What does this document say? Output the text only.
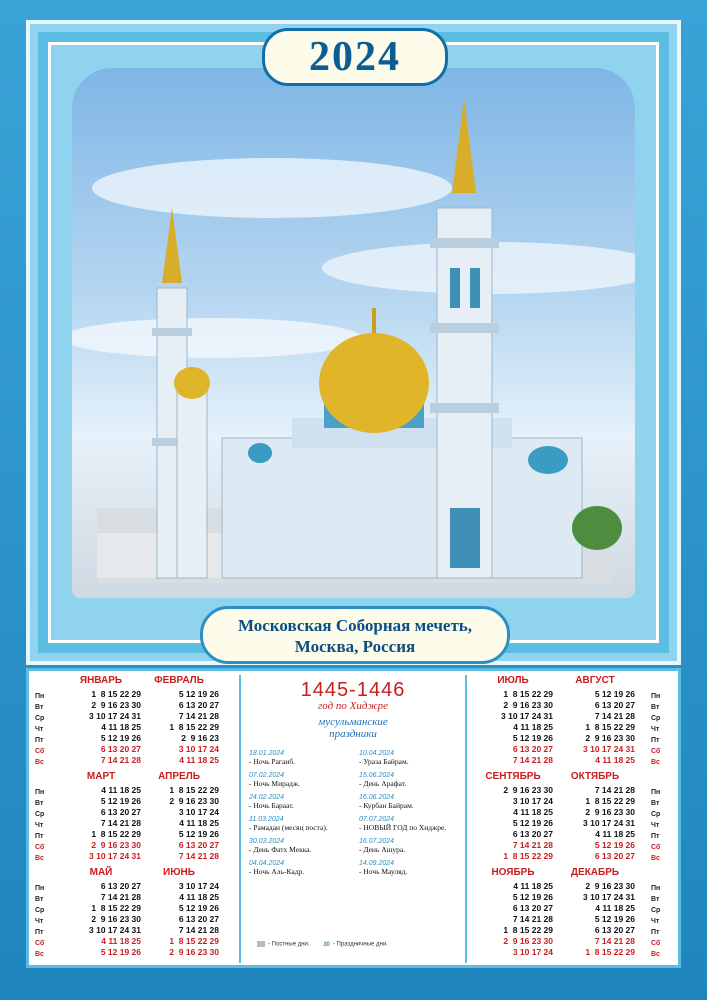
2024
Московская Соборная мечеть,
Москва, Россия
Пн
Вт
Ср
Чт
Пт
Сб
Вс
ЯНВАРЬ
1  8 15 22 29
2  9 16 23 30
3 10 17 24 31
4 11 18 25
5 12 19 26
6 13 20 27
7 14 21 28
ФЕВРАЛЬ
5 12 19 26
6 13 20 27
7 14 21 28
1  8 15 22 29
2  9 16 23
3 10 17 24
4 11 18 25
Пн
Вт
Ср
Чт
Пт
Сб
Вс
МАРТ
4 11 18 25
5 12 19 26
6 13 20 27
7 14 21 28
1  8 15 22 29
2  9 16 23 30
3 10 17 24 31
АПРЕЛЬ
1  8 15 22 29
2  9 16 23 30
3 10 17 24
4 11 18 25
5 12 19 26
6 13 20 27
7 14 21 28
Пн
Вт
Ср
Чт
Пт
Сб
Вс
МАЙ
6 13 20 27
7 14 21 28
1  8 15 22 29
2  9 16 23 30
3 10 17 24 31
4 11 18 25
5 12 19 26
ИЮНЬ
3 10 17 24
4 11 18 25
5 12 19 26
6 13 20 27
7 14 21 28
1  8 15 22 29
2  9 16 23 30
1445-1446
год по Хиджре
мусульманские
праздники
18.01.2024
- Ночь Рагаиб.
07.02.2024
- Ночь Мирадж.
24.02.2024
- Ночь Бараат.
11.03.2024
- Рамадан (месяц поста).
30.03.2024
- День Фатх Мекка.
04.04.2024
- Ночь Аль-Кадр.
10.04.2024
- Ураза Байрам.
15.06.2024
- День Арафат.
16.06.2024
- Курбан Байрам.
07.07.2024
- НОВЫЙ ГОД по Хиджре.
16.07.2024
- День Ашура.
14.09.2024
- Ночь Мауляд.
- Постные дни. 30 - Праздничные дни.
Пн
Вт
Ср
Чт
Пт
Сб
Вс
ИЮЛЬ
1  8 15 22 29
2  9 16 23 30
3 10 17 24 31
4 11 18 25
5 12 19 26
6 13 20 27
7 14 21 28
АВГУСТ
5 12 19 26
6 13 20 27
7 14 21 28
1  8 15 22 29
2  9 16 23 30
3 10 17 24 31
4 11 18 25
Пн
Вт
Ср
Чт
Пт
Сб
Вс
СЕНТЯБРЬ
2  9 16 23 30
3 10 17 24
4 11 18 25
5 12 19 26
6 13 20 27
7 14 21 28
1  8 15 22 29
ОКТЯБРЬ
7 14 21 28
1  8 15 22 29
2  9 16 23 30
3 10 17 24 31
4 11 18 25
5 12 19 26
6 13 20 27
Пн
Вт
Ср
Чт
Пт
Сб
Вс
НОЯБРЬ
4 11 18 25
5 12 19 26
6 13 20 27
7 14 21 28
1  8 15 22 29
2  9 16 23 30
3 10 17 24
ДЕКАБРЬ
2  9 16 23 30
3 10 17 24 31
4 11 18 25
5 12 19 26
6 13 20 27
7 14 21 28
1  8 15 22 29
